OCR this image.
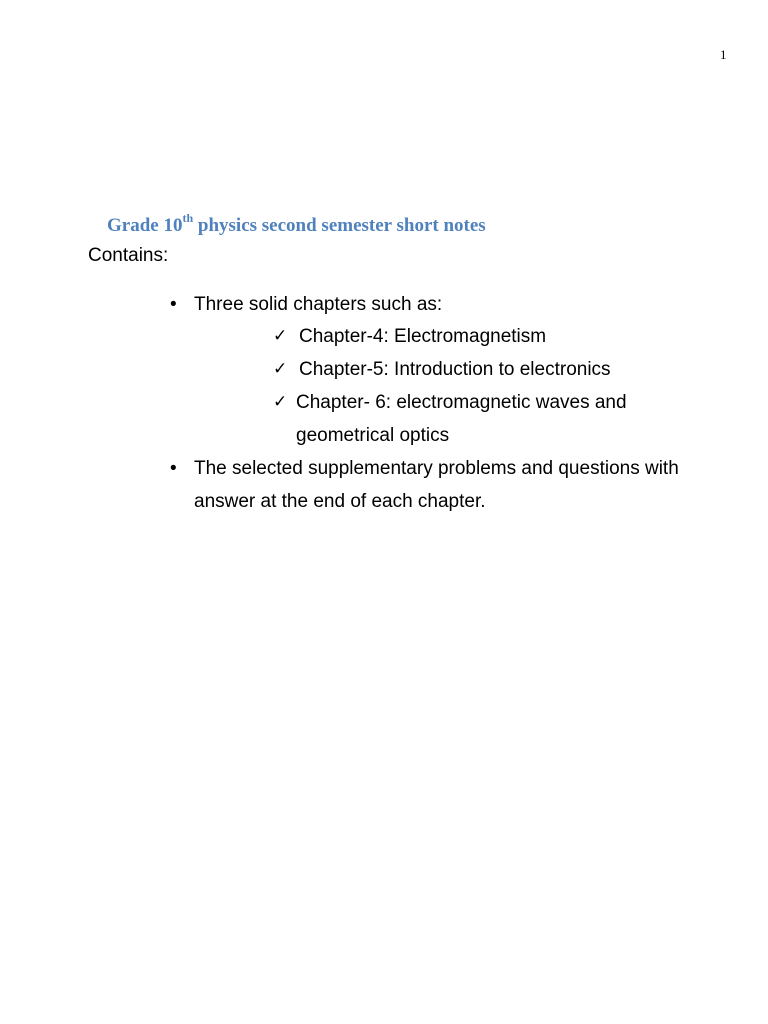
1
Grade 10th physics second semester short notes
Contains:
• Three solid chapters such as:
✓ Chapter-4: Electromagnetism
✓ Chapter-5: Introduction to electronics
✓ Chapter- 6: electromagnetic waves and geometrical optics
• The selected supplementary problems and questions with answer at the end of each chapter.
